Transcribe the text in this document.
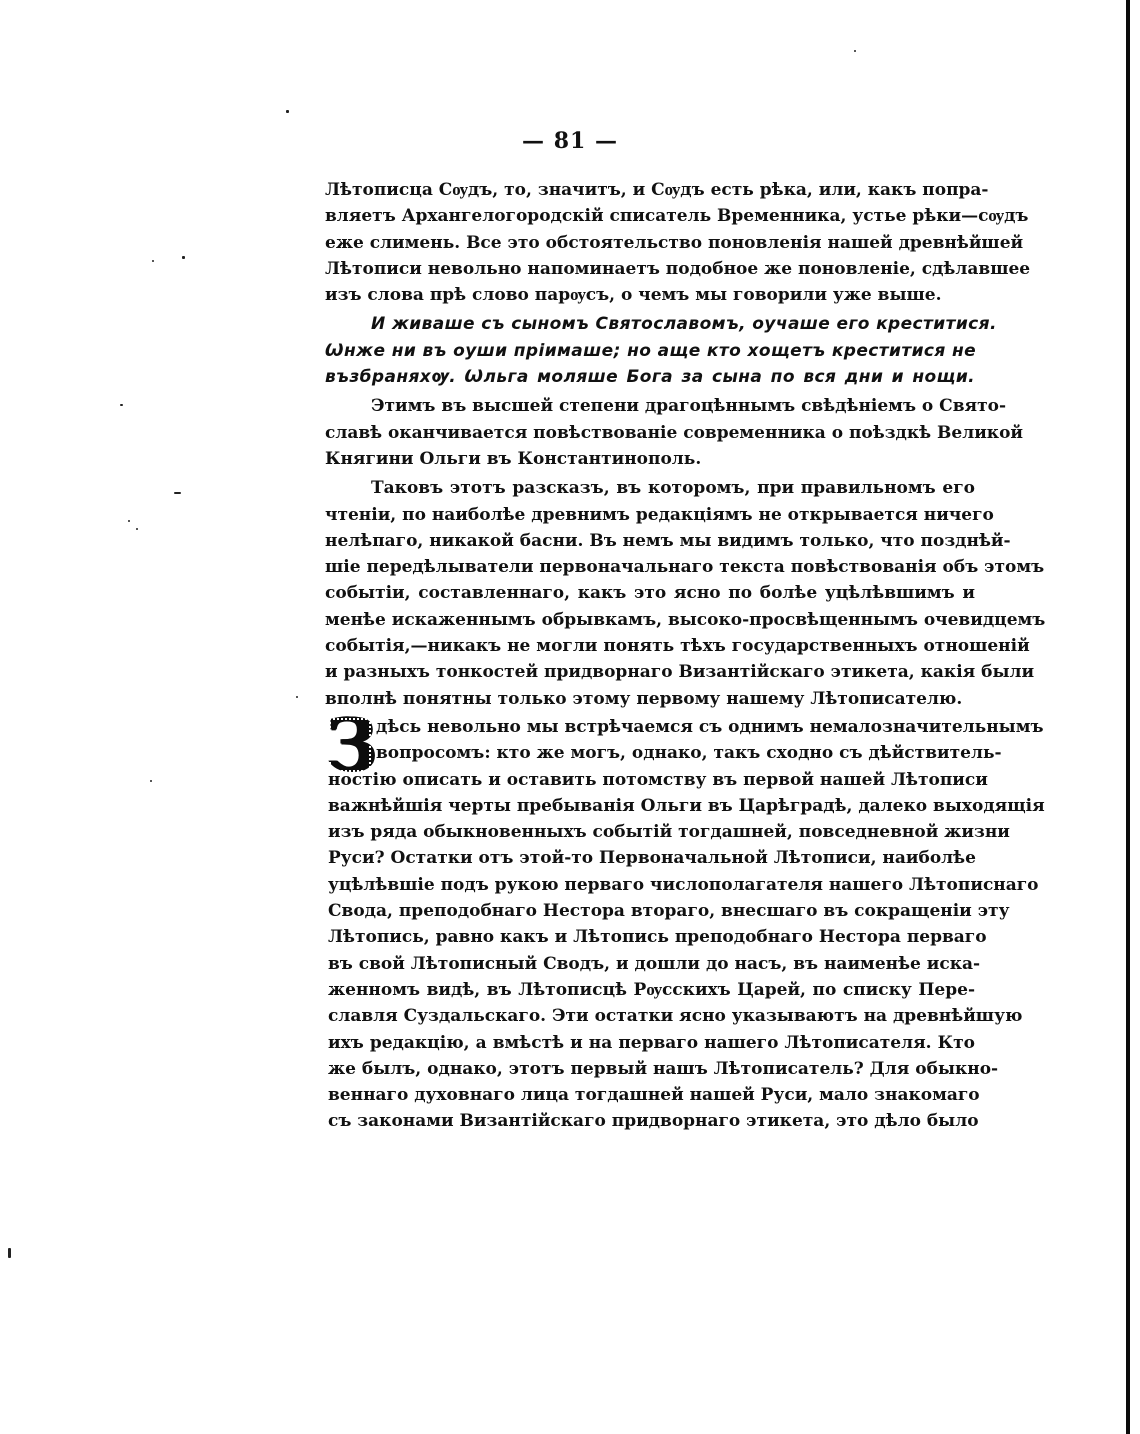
— 81 —
Лѣтописца Сѹдъ, то, значитъ, и Сѹдъ есть рѣка, или, какъ попра-
вляетъ Архангелогородскій списатель Временника, устье рѣки—сѹдъ
еже слимень. Все это обстоятельство поновленія нашей древнѣйшей
Лѣтописи невольно напоминаетъ подобное же поновленіе, сдѣлавшее
изъ слова прѣ слово парѹсъ, о чемъ мы говорили уже выше.
И живаше съ сыномъ Святославомъ, оучаше его креститися.
Ѡнже ни въ оуши пріимаше; но аще кто хощетъ креститися не
възбраняхѹ. Ѡльга моляше Бога за сына по вся дни и нощи.
Этимъ въ высшей степени драгоцѣннымъ свѣдѣніемъ о Свято-
славѣ оканчивается повѣствованіе современника о поѣздкѣ Великой
Княгини Ольги въ Константинополь.
Таковъ этотъ разсказъ, въ которомъ, при правильномъ его
чтеніи, по наиболѣе древнимъ редакціямъ не открывается ничего
нелѣпаго, никакой басни. Въ немъ мы видимъ только, что позднѣй-
шіе передѣлыватели первоначальнаго текста повѣствованія объ этомъ
событіи, составленнаго, какъ это ясно по болѣе уцѣлѣвшимъ и
менѣе искаженнымъ обрывкамъ, высоко-просвѣщеннымъ очевидцемъ
событія,—никакъ не могли понять тѣхъ государственныхъ отношеній
и разныхъ тонкостей придворнаго Византійскаго этикета, какія были
вполнѣ понятны только этому первому нашему Лѣтописателю.
З
дѣсь невольно мы встрѣчаемся съ однимъ немалозначительнымъ
вопросомъ: кто же могъ, однако, такъ сходно съ дѣйствитель-
ностію описать и оставить потомству въ первой нашей Лѣтописи
важнѣйшія черты пребыванія Ольги въ Царѣградѣ, далеко выходящія
изъ ряда обыкновенныхъ событій тогдашней, повседневной жизни
Руси? Остатки отъ этой-то Первоначальной Лѣтописи, наиболѣе
уцѣлѣвшіе подъ рукою перваго числополагателя нашего Лѣтописнаго
Свода, преподобнаго Нестора втораго, внесшаго въ сокращеніи эту
Лѣтопись, равно какъ и Лѣтопись преподобнаго Нестора перваго
въ свой Лѣтописный Сводъ, и дошли до насъ, въ наименѣе иска-
женномъ видѣ, въ Лѣтописцѣ Рѹсскихъ Царей, по списку Пере-
славля Суздальскаго. Эти остатки ясно указываютъ на древнѣйшую
ихъ редакцію, а вмѣстѣ и на перваго нашего Лѣтописателя. Кто
же былъ, однако, этотъ первый нашъ Лѣтописатель? Для обыкно-
веннаго духовнаго лица тогдашней нашей Руси, мало знакомаго
съ законами Византійскаго придворнаго этикета, это дѣло было
